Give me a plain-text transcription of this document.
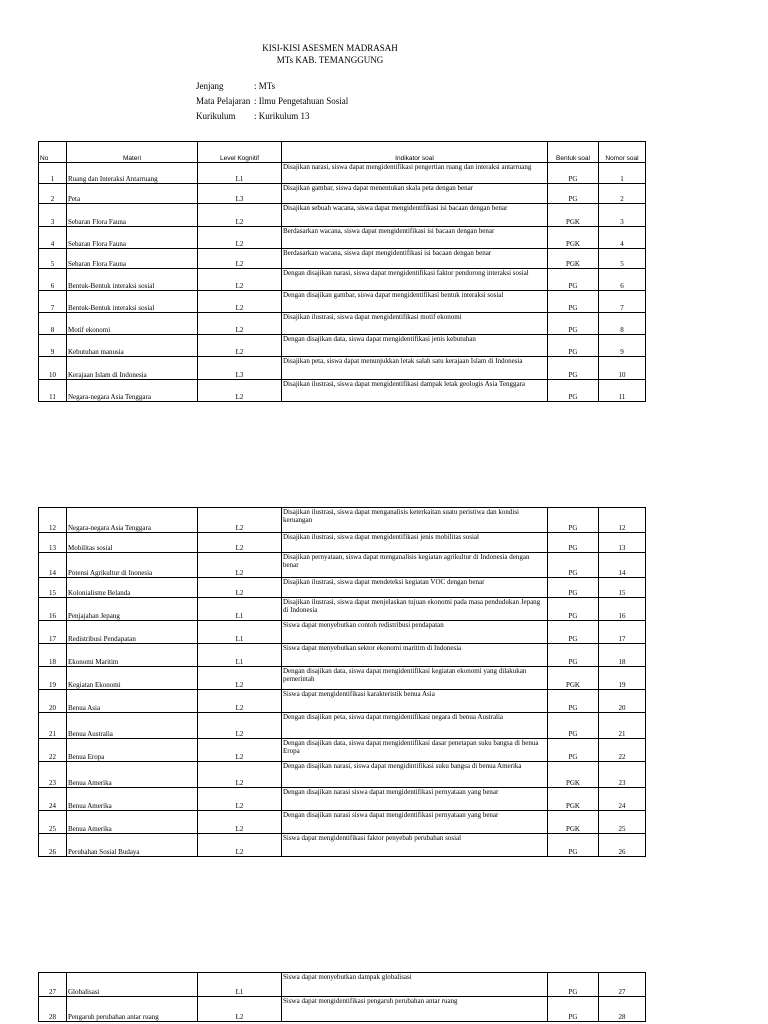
KISI-KISI ASESMEN MADRASAH
MTs KAB. TEMANGGUNG
Jenjang	: MTs
Mata Pelajaran : Ilmu Pengetahuan Sosial
Kurikulum	: Kurikulum 13
No	Materi	Level Kognitif	Indikator soal	Bentuk soal	Nomor soal
1	Ruang dan Interaksi Antarruang	L1	Disajikan narasi, siswa dapat mengidentifikasi pengertian ruang dan interaksi antarruang	PG	1
2	Peta	L3	Disajikan gambar, siswa dapat menentukan skala peta dengan benar	PG	2
3	Sebaran Flora Fauna	L2	Disajikan sebuah wacana, siswa dapat mengidentifikasi isi bacaan dengan benar	PGK	3
4	Sebaran Flora Fauna	L2	Berdasarkan wacana, siswa dapat mengidentifikasi isi bacaan dengan benar	PGK	4
5	Sebaran Flora Fauna	L2	Berdasarkan wacana, siswa dapt mengidentifikasi isi bacaan dengan benar	PGK	5
6	Bentuk-Bentuk interaksi sosial	L2	Dengan disajikan narasi, siswa dapat mengidentifikasi faktor pendorong interaksi sosial	PG	6
7	Bentuk-Bentuk interaksi sosial	L2	Dengan disajikan gambar, siswa dapat mengidentifikasi bentuk interaksi sosial	PG	7
8	Motif ekonomi	L2	Disajikan ilustrasi, siswa dapat mengidentifikasi motif ekonomi	PG	8
9	Kebutuhan manusia	L2	Dengan disajikan data, siswa dapat mengidentifikasi jenis kebutuhan	PG	9
10	Kerajaan Islam di Indonesia	L3	Disajikan peta, siswa dapat menunjukkan letak salah satu kerajaan Islam di Indonesia	PG	10
11	Negara-negara Asia Tenggara	L2	Disajikan ilustrasi, siswa dapat mengidentifikasi dampak letak geologis Asia Tenggara	PG	11
12	Negara-negara Asia Tenggara	L2	Disajikan ilustrasi, siswa dapat menganalisis keterkaitan suatu peristiwa dan kondisi keruangan	PG	12
13	Mobilitas sosial	L2	Disajikan ilustrasi, siswa dapat mengidentifikasi jenis mobilitas sosial	PG	13
14	Potensi Agrikultur di Inonesia	L2	Disajikan pernyataan, siswa dapat menganalisis kegiatan agrikultur di Indonesia dengan benar	PG	14
15	Kolonialisme Belanda	L2	Disajikan ilustrasi, siswa dapat mendeteksi kegiatan VOC dengan benar	PG	15
16	Penjajahan Jepang	L1	Disajikan ilustrasi, siswa dapat menjelaskan tujuan ekonomi pada masa pendudukan Jepang di Indonesia	PG	16
17	Redistribusi Pendapatan	L1	Siswa dapat menyebutkan contoh redistribusi pendapatan	PG	17
18	Ekonomi Maritim	L1	Siswa dapat menyebutkan sektor ekonomi maritim di Indonesia	PG	18
19	Kegiatan Ekonomi	L2	Dengan disajikan data, siswa dapat mengidentifikasi kegiatan ekonomi yang dilakukan pemerintah	PGK	19
20	Benua Asia	L2	Siswa dapat mengidentifikasi karakteristik benua Asia	PG	20
21	Benua Australia	L2	Dengan disajikan peta, siswa dapat mengidentifikasi negara di benua Australia	PG	21
22	Benua Eropa	L2	Dengan disajikan data, siswa dapat mengidentifikasi dasar penetapan suku bangsa di benua Eropa	PG	22
23	Benua Amerika	L2	Dengan disajikan narasi, siswa dapat mengidintifikasi suku bangsa di benua Amerika	PGK	23
24	Benua Amerika	L2	Dengan disajikan narasi siswa dapat mengidentifikasi pernyataan yang benar	PGK	24
25	Benua Amerika	L2	Dengan disajikan narasi siswa dapat mengidentifikasi pernyataan yang benar	PGK	25
26	Perubahan Sosial Budaya	L2	Siswa dapat mengidentifikasi faktor penyebab perubahan sosial	PG	26
27	Globalisasi	L1	Siswa dapat menyebutkan dampak globalisasi	PG	27
28	Pengaruh perubahan antar ruang	L2	Siswa dapat mengidentifikasi pengaruh perubahan antar ruang	PG	28
